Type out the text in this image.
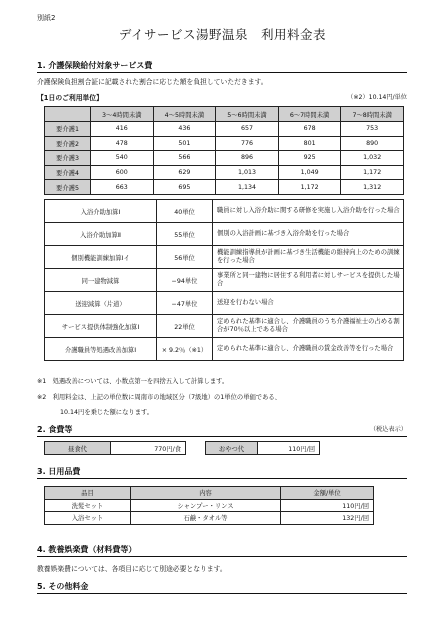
別紙2
デイサービス湯野温泉　利用料金表
1. 介護保険給付対象サービス費
介護保険負担割合証に記載された割合に応じた額を負担していただきます。
【1日のご利用単位】	（※2）10.14円/単位
	3～4時間未満	4～5時間未満	5～6時間未満	6～7時間未満	7～8時間未満
要介護1	416	436	657	678	753
要介護2	478	501	776	801	890
要介護3	540	566	896	925	1,032
要介護4	600	629	1,013	1,049	1,172
要介護5	663	695	1,134	1,172	1,312
入浴介助加算Ⅰ	40単位	職員に対し入浴介助に関する研修を実施し入浴介助を行った場合
入浴介助加算Ⅱ	55単位	個別の入浴計画に基づき入浴介助を行った場合
個別機能訓練加算Ⅰイ	56単位	機能訓練指導員が計画に基づき生活機能の維持向上のための訓練を行った場合
同一建物減算	−94単位	事業所と同一建物に居住する利用者に対しサービスを提供した場合
送迎減算（片道）	−47単位	送迎を行わない場合
サービス提供体制強化加算Ⅰ	22単位	定められた基準に適合し、介護職員のうち介護福祉士の占める割合が70％以上である場合
介護職員等処遇改善加算Ⅰ	× 9.2％（※1）	定められた基準に適合し、介護職員の賃金改善等を行った場合
※1　処遇改善については、小数点第一を四捨五入して計算します。
※2　利用料金は、上記の単位数に周南市の地域区分（7級地）の1単位の単価である、
10.14円を乗じた額になります。
2. 食費等	（税込表示）
昼食代	770円/食	おやつ代	110円/回
3. 日用品費
品目	内容	金額/単位
洗髪セット	シャンプー・リンス	110円/回
入浴セット	石鹸・タオル等	132円/回
4. 教養娯楽費（材料費等）
教養娯楽費については、各項目に応じて別途必要となります。
5. その他料金
